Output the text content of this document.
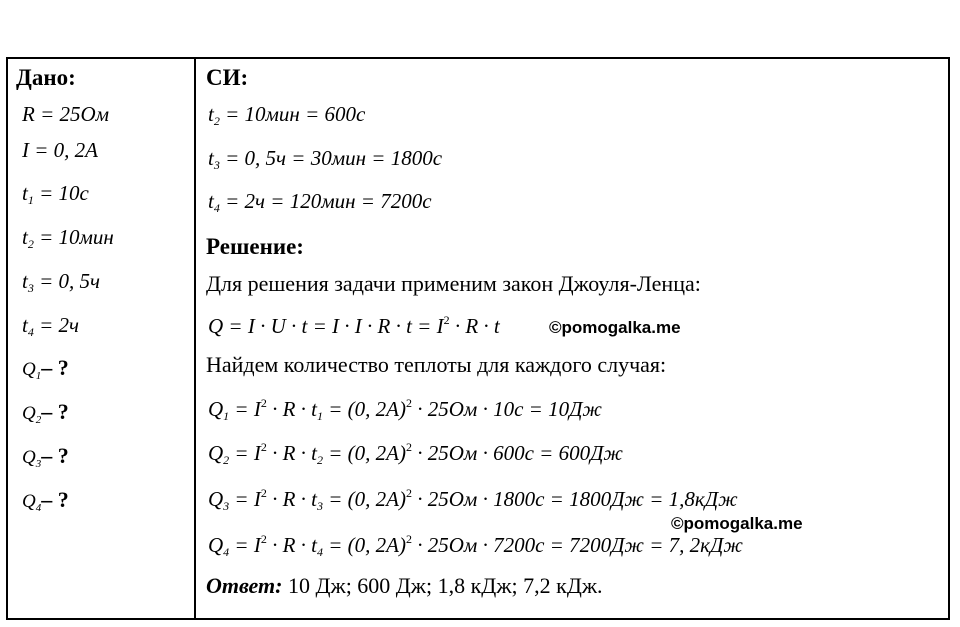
Дано:
R = 25Ом
I = 0, 2A
$t_1 = 10с$
$t_2 = 10мин$
$t_3 = 0$, 5ч
$t_4 = 2ч$
$Q_1-$ ?
$Q_2-$ ?
$Q_3-$ ?
$Q_4-$ ?
СИ:
$t_2 = 10мин = 600с$
$t_3 = 0$, 5ч = 30мин = 1800с
$t_4 = 2ч = 120мин = 7200с$
Решение:
Для решения задачи применим закон Джоуля-Ленца:
$Q = I \cdot U \cdot t = I \cdot I \cdot R \cdot t = I^2 \cdot R \cdot t$	©pomogalka.me
Найдем количество теплоты для каждого случая:
$Q_1 = I^2 \cdot R \cdot t_1 = (0$, 2A)$^2$ · 25Ом · 10с = 10Дж
$Q_2 = I^2 \cdot R \cdot t_2 = (0$, 2A)$^2$ · 25Ом · 600с = 600Дж
$Q_3 = I^2 \cdot R \cdot t_3 = (0$, 2A)$^2$ · 25Ом · 1800с = 1800Дж = 1,8кДж
©pomogalka.me
$Q_4 = I^2 \cdot R \cdot t_4 = (0$, 2A)$^2$ · 25Ом · 7200с = 7200Дж = 7, 2кДж
Ответ: 10 Дж; 600 Дж; 1,8 кДж; 7,2 кДж.
